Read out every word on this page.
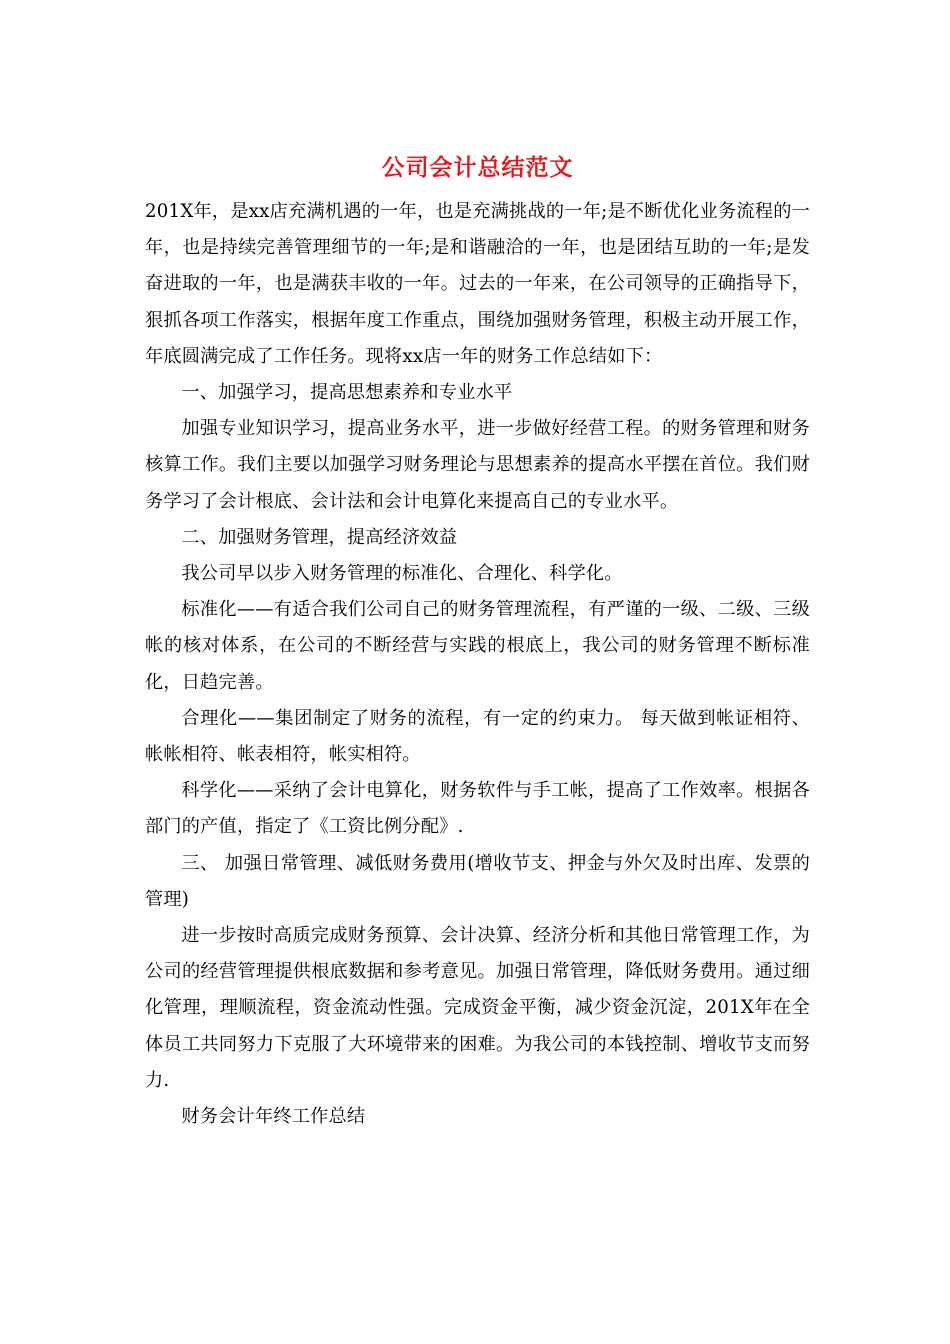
公司会计总结范文

201X年，是xx店充满机遇的一年，也是充满挑战的一年;是不断优化业务流程的一年，也是持续完善管理细节的一年;是和谐融洽的一年，也是团结互助的一年;是发奋进取的一年，也是满获丰收的一年。过去的一年来，在公司领导的正确指导下，狠抓各项工作落实，根据年度工作重点，围绕加强财务管理，积极主动开展工作，年底圆满完成了工作任务。现将xx店一年的财务工作总结如下：

一、加强学习，提高思想素养和专业水平

加强专业知识学习，提高业务水平，进一步做好经营工程。的财务管理和财务核算工作。我们主要以加强学习财务理论与思想素养的提高水平摆在首位。我们财务学习了会计根底、会计法和会计电算化来提高自己的专业水平。

二、加强财务管理，提高经济效益

我公司早以步入财务管理的标准化、合理化、科学化。

标准化——有适合我们公司自己的财务管理流程，有严谨的一级、二级、三级帐的核对体系，在公司的不断经营与实践的根底上，我公司的财务管理不断标准化，日趋完善。

合理化——集团制定了财务的流程，有一定的约束力。 每天做到帐证相符、帐帐相符、帐表相符，帐实相符。

科学化——采纳了会计电算化，财务软件与手工帐，提高了工作效率。根据各部门的产值，指定了《工资比例分配》.

三、 加强日常管理、减低财务费用(增收节支、押金与外欠及时出库、发票的管理)

进一步按时高质完成财务预算、会计决算、经济分析和其他日常管理工作，为公司的经营管理提供根底数据和参考意见。加强日常管理，降低财务费用。通过细化管理，理顺流程，资金流动性强。完成资金平衡，减少资金沉淀，201X年在全体员工共同努力下克服了大环境带来的困难。为我公司的本钱控制、增收节支而努力.

财务会计年终工作总结
